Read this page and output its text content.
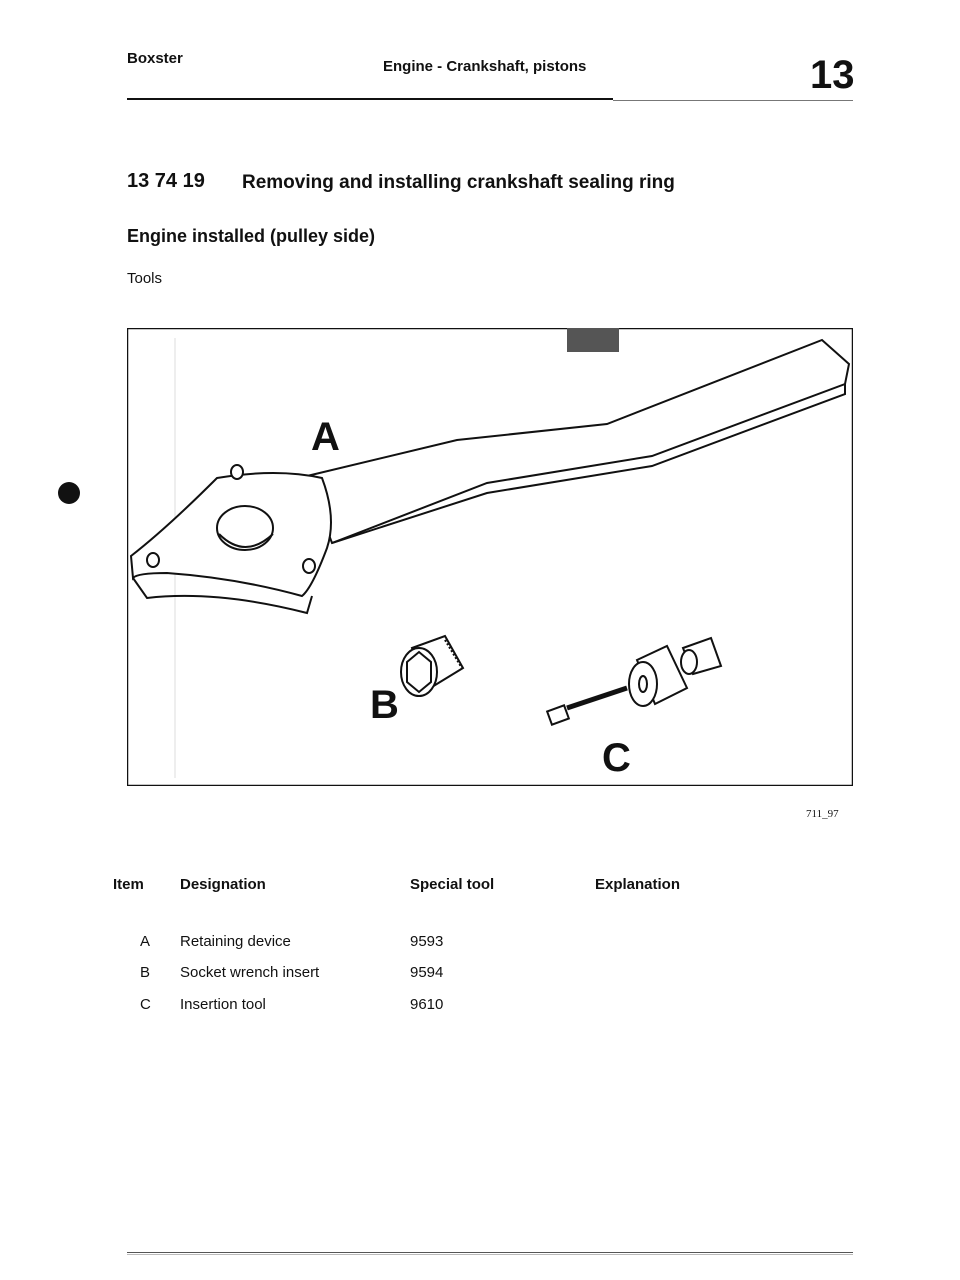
Boxster	Engine - Crankshaft, pistons	13
13 74 19 Removing and installing crankshaft sealing ring
Engine installed (pulley side)
Tools
A
B
C
711_97
Item Designation	Special tool	Explanation
A Retaining device	9593
B Socket wrench insert	9594
C Insertion tool	9610
